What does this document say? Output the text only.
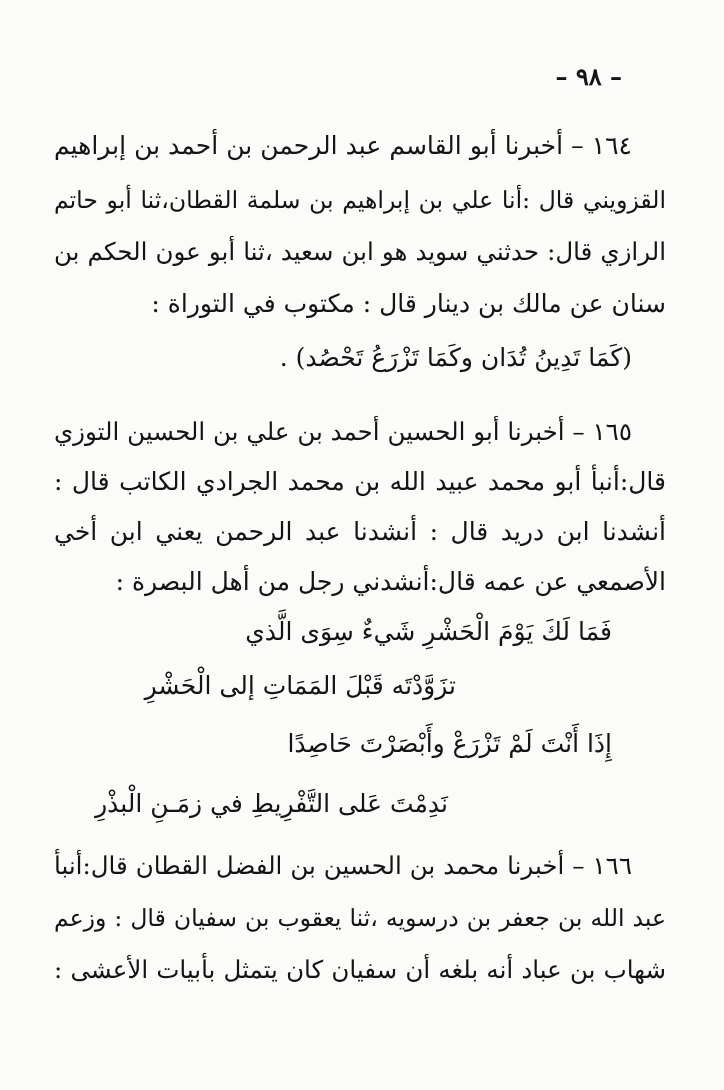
– ٩٨ –
١٦٤ – أخبرنا أبو القاسم عبد الرحمن بن أحمد بن إبراهيم
القزويني قال :أنا علي بن إبراهيم بن سلمة القطان،ثنا أبو حاتم
الرازي قال: حدثني سويد هو ابن سعيد ،ثنا أبو عون الحكم بن
سنان عن مالك بن دينار قال : مكتوب في التوراة :
(كَمَا تَدِينُ تُدَان وكَمَا تَزْرَعُ تَحْصُد) .
١٦٥ – أخبرنا أبو الحسين أحمد بن علي بن الحسين التوزي
قال:أنبأ أبو محمد عبيد الله بن محمد الجرادي الكاتب قال :
أنشدنا ابن دريد قال : أنشدنا عبد الرحمن يعني ابن أخي
الأصمعي عن عمه قال:أنشدني رجل من أهل البصرة :
فَمَا لَكَ يَوْمَ الْحَشْرِ شَيءٌ سِوَى الَّذي
تزَوَّدْتَه قَبْلَ المَمَاتِ إلى الْحَشْرِ
إِذَا أَنْتَ لَمْ تَزْرَعْ وأَبْصَرْتَ حَاصِدًا
نَدِمْتَ عَلى التَّفْرِيطِ في زمَـنِ الْبذْرِ
١٦٦ – أخبرنا محمد بن الحسين بن الفضل القطان قال:أنبأ
عبد الله بن جعفر بن درسويه ،ثنا يعقوب بن سفيان قال : وزعم
شهاب بن عباد أنه بلغه أن سفيان كان يتمثل بأبيات الأعشى :
